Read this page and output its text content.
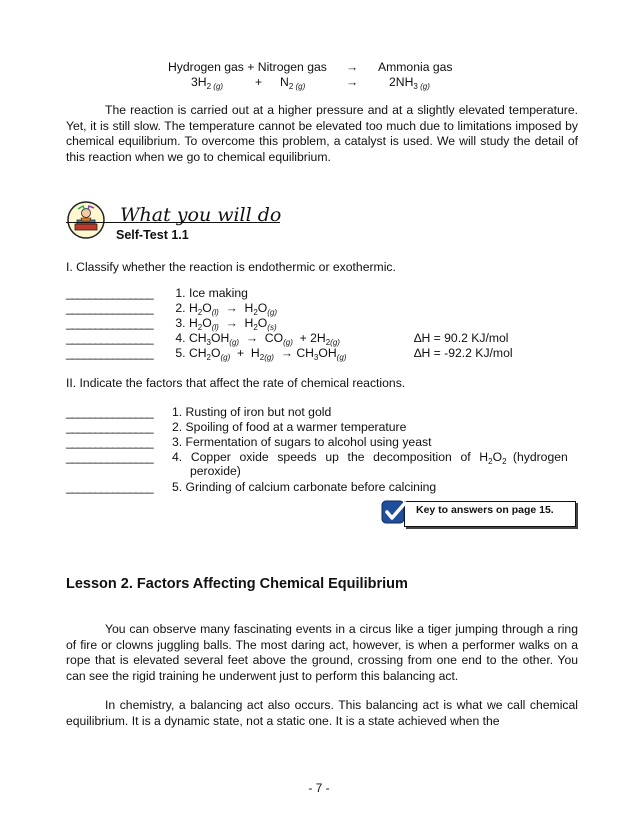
Hydrogen gas + Nitrogen gas → Ammonia gas
$3H_{2 (g)}$	+ $N_{2 (g)}$	→	$2NH_{3 (g)}$
The reaction is carried out at a higher pressure and at a slightly elevated temperature. Yet, it is still slow. The temperature cannot be elevated too much due to limitations imposed by chemical equilibrium. To overcome this problem, a catalyst is used. We will study the detail of this reaction when we go to chemical equilibrium.
What you will do
Self-Test 1.1
I. Classify whether the reaction is endothermic or exothermic.
_______________ 1. Ice making
_______________ 2. $H_2O_{(l)} \to H_2O_{(g)}$
_______________ 3. $H_2O_{(l)} \to H_2O_{(s)}$
_______________ 4. $CH_3OH_{(g)} \to CO_{(g)} + 2H_{2(g)}$	∆H = 90.2 KJ/mol
_______________ 5. $CH_2O_{(g)} + H_{2(g)} \to CH_3OH_{(g)}$	∆H = -92.2 KJ/mol
II. Indicate the factors that affect the rate of chemical reactions.
_______________ 1. Rusting of iron but not gold
_______________ 2. Spoiling of food at a warmer temperature
_______________ 3. Fermentation of sugars to alcohol using yeast
_______________ 4. Copper oxide speeds up the decomposition of $H_2O_2$ (hydrogen
peroxide)
_______________ 5. Grinding of calcium carbonate before calcining
Key to answers on page 15.
Lesson 2. Factors Affecting Chemical Equilibrium
You can observe many fascinating events in a circus like a tiger jumping through a ring of fire or clowns juggling balls. The most daring act, however, is when a performer walks on a rope that is elevated several feet above the ground, crossing from one end to the other. You can see the rigid training he underwent just to perform this balancing act.
In chemistry, a balancing act also occurs. This balancing act is what we call chemical equilibrium. It is a dynamic state, not a static one. It is a state achieved when the
- 7 -
